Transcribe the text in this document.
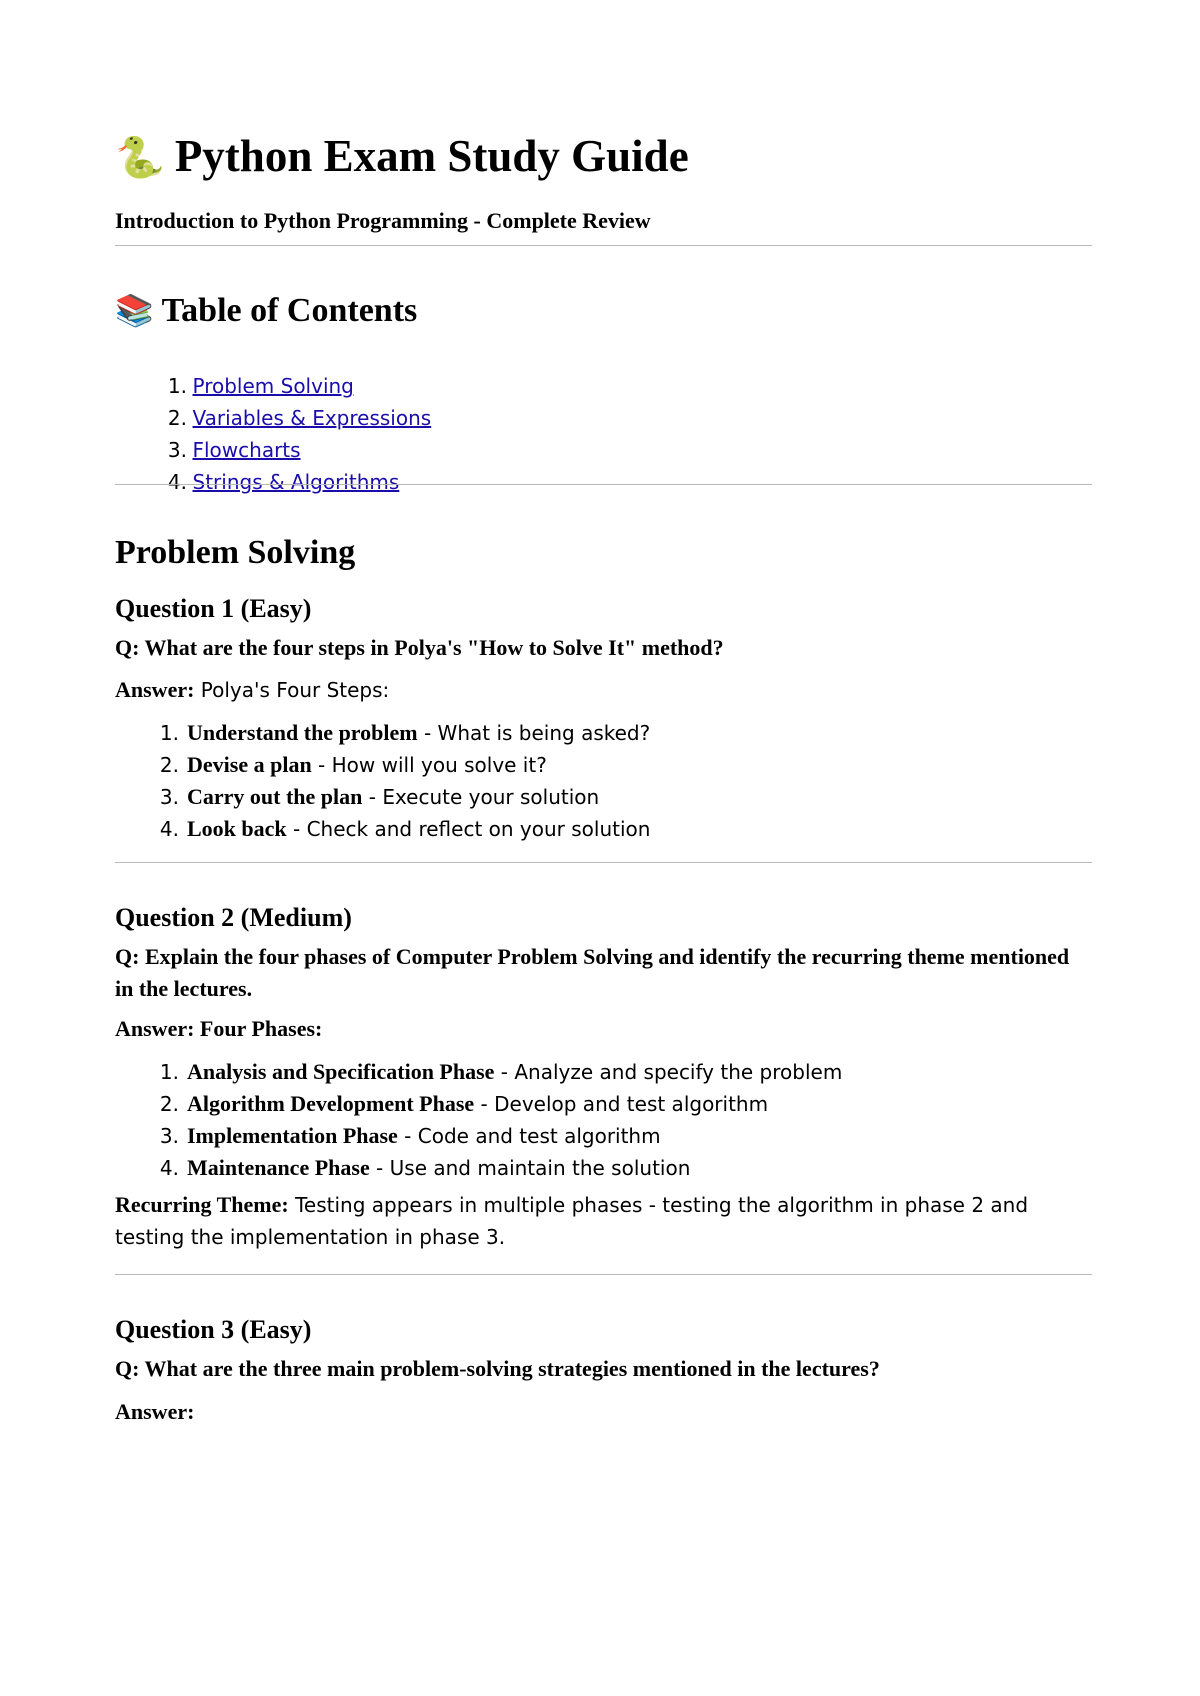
🐍 Python Exam Study Guide
Introduction to Python Programming - Complete Review
📚 Table of Contents
1. Problem Solving
2. Variables & Expressions
3. Flowcharts
4. Strings & Algorithms
Problem Solving
Question 1 (Easy)
Q: What are the four steps in Polya's "How to Solve It" method?
Answer: Polya's Four Steps:
1. Understand the problem - What is being asked?
2. Devise a plan - How will you solve it?
3. Carry out the plan - Execute your solution
4. Look back - Check and reflect on your solution
Question 2 (Medium)
Q: Explain the four phases of Computer Problem Solving and identify the recurring theme mentioned in the lectures.
Answer: Four Phases:
1. Analysis and Specification Phase - Analyze and specify the problem
2. Algorithm Development Phase - Develop and test algorithm
3. Implementation Phase - Code and test algorithm
4. Maintenance Phase - Use and maintain the solution
Recurring Theme: Testing appears in multiple phases - testing the algorithm in phase 2 and testing the implementation in phase 3.
Question 3 (Easy)
Q: What are the three main problem-solving strategies mentioned in the lectures?
Answer:
